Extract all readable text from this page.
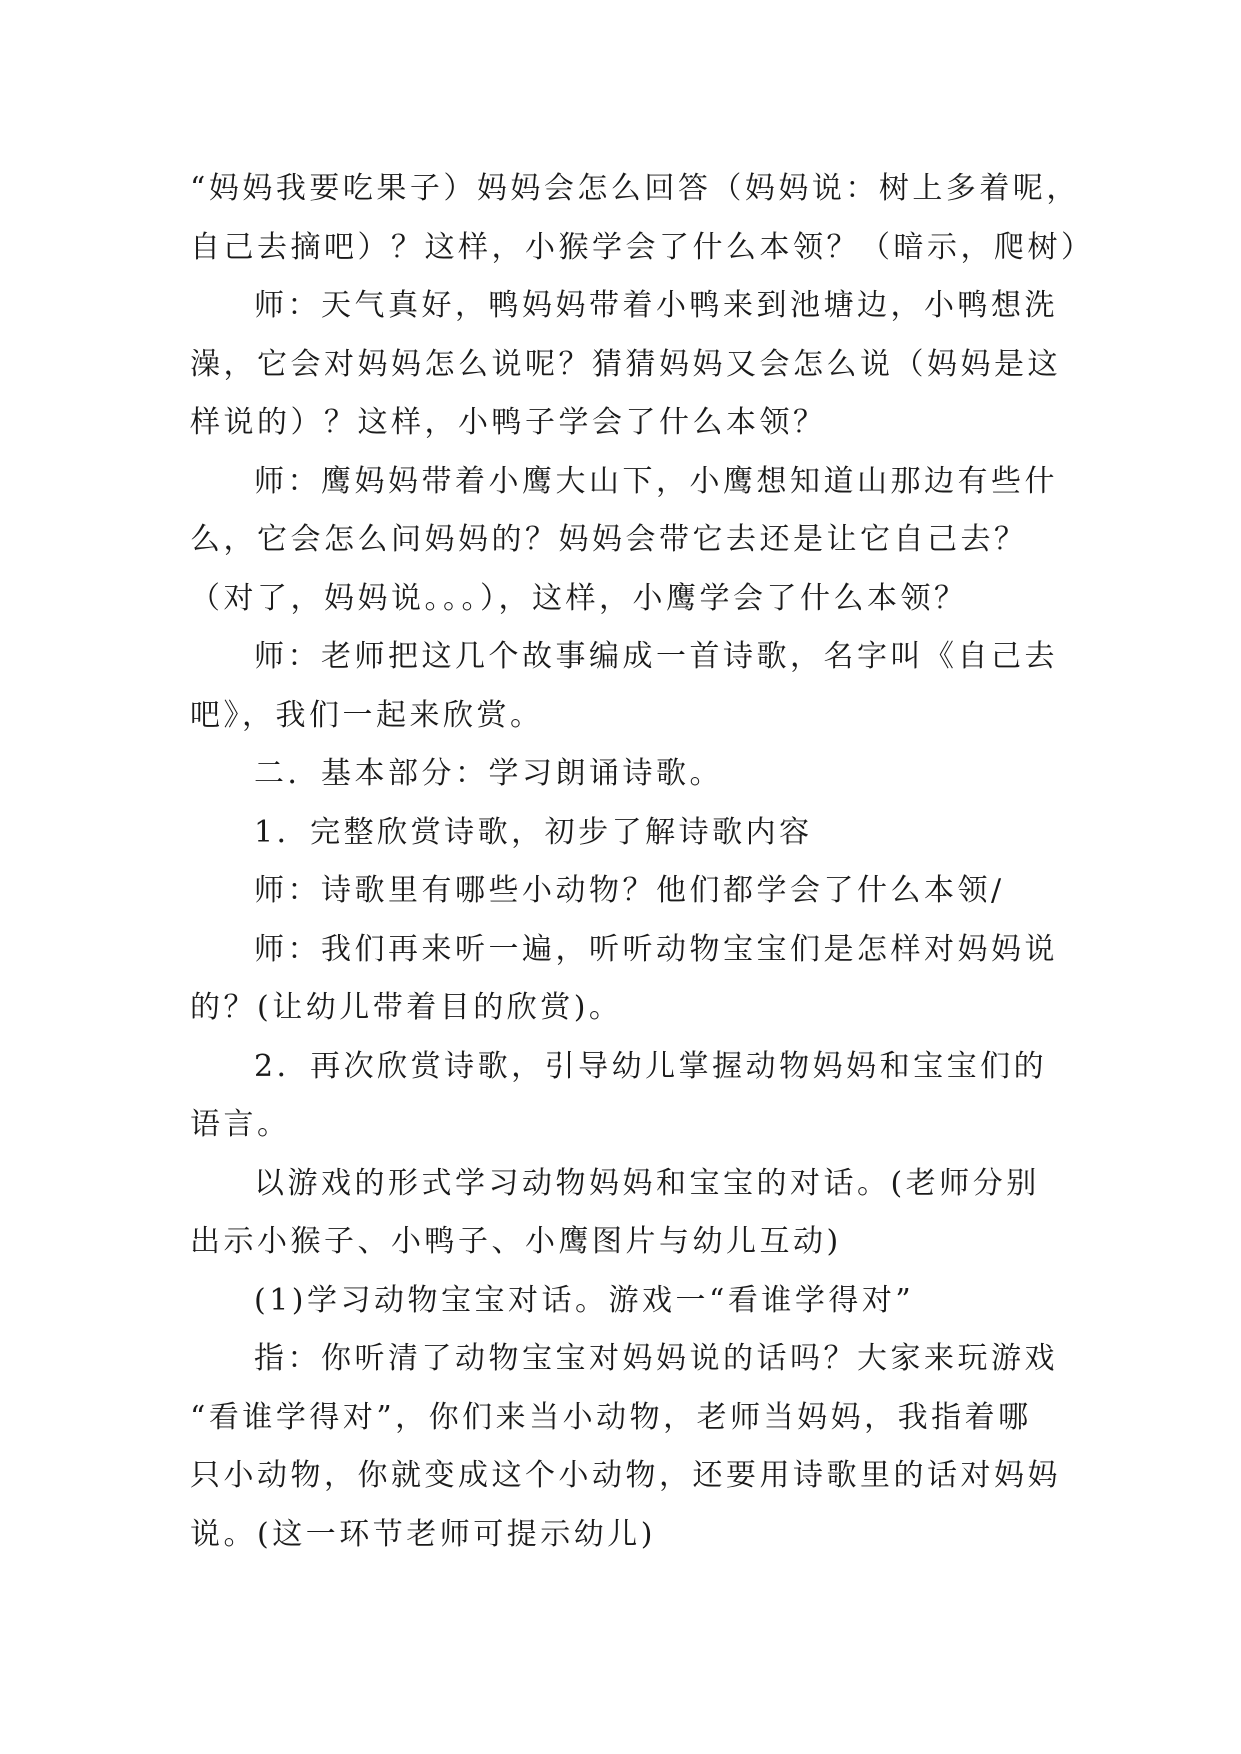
“妈妈我要吃果子）妈妈会怎么回答（妈妈说：树上多着呢，
自己去摘吧）？这样，小猴学会了什么本领？（暗示，爬树）
师：天气真好，鸭妈妈带着小鸭来到池塘边，小鸭想洗
澡，它会对妈妈怎么说呢？猜猜妈妈又会怎么说（妈妈是这
样说的）？这样，小鸭子学会了什么本领？
师：鹰妈妈带着小鹰大山下，小鹰想知道山那边有些什
么，它会怎么问妈妈的？妈妈会带它去还是让它自己去？
（对了，妈妈说。。。），这样，小鹰学会了什么本领？
师：老师把这几个故事编成一首诗歌，名字叫《自己去
吧》，我们一起来欣赏。
二．基本部分：学习朗诵诗歌。
1．完整欣赏诗歌，初步了解诗歌内容
师：诗歌里有哪些小动物？他们都学会了什么本领/
师：我们再来听一遍，听听动物宝宝们是怎样对妈妈说
的？(让幼儿带着目的欣赏)。
2．再次欣赏诗歌，引导幼儿掌握动物妈妈和宝宝们的
语言。
以游戏的形式学习动物妈妈和宝宝的对话。(老师分别
出示小猴子、小鸭子、小鹰图片与幼儿互动)
(1)学习动物宝宝对话。游戏一“看谁学得对”
指：你听清了动物宝宝对妈妈说的话吗？大家来玩游戏
“看谁学得对”，你们来当小动物，老师当妈妈，我指着哪
只小动物，你就变成这个小动物，还要用诗歌里的话对妈妈
说。(这一环节老师可提示幼儿)
